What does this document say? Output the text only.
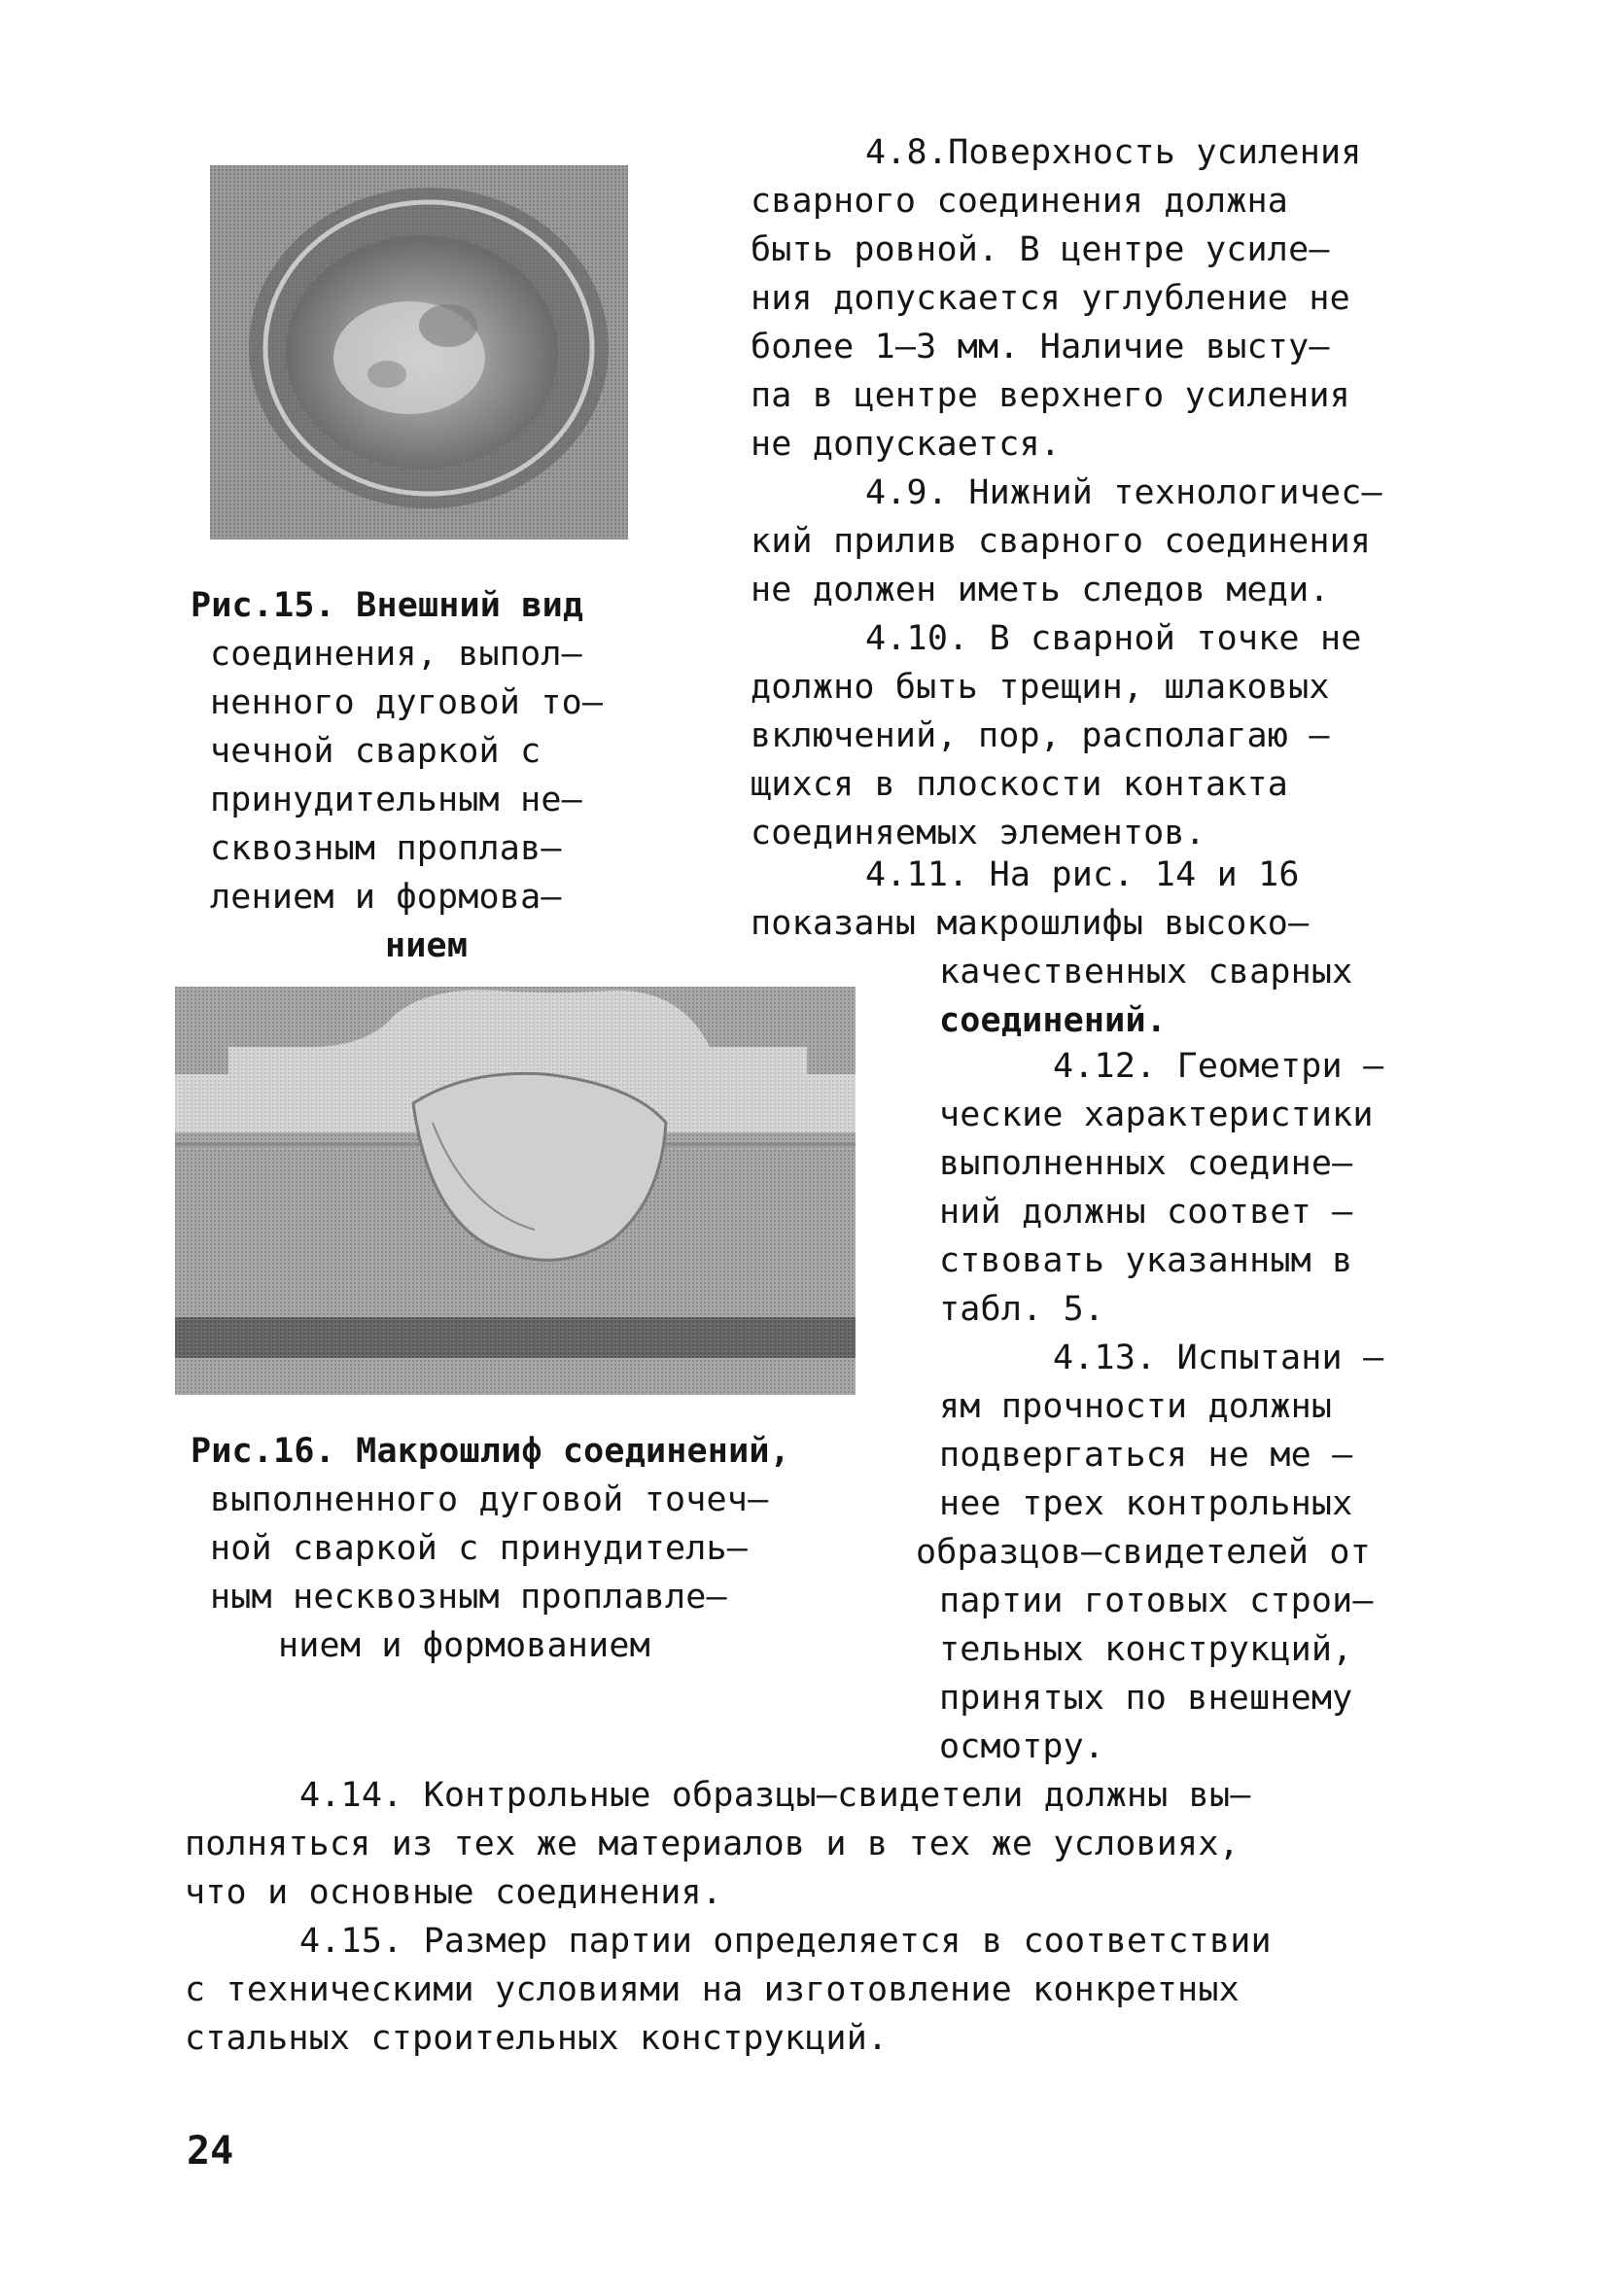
Рис.15. Внешний вид
соединения, выпол–
ненного дуговой то–
чечной сваркой с
принудительным не–
сквозным проплав–
лением и формова–
нием
Рис.16. Макрошлиф соединений,
выполненного дуговой точеч–
ной сваркой с принудитель–
ным несквозным проплавле–
нием и формованием
4.8.Поверхность усиления
сварного соединения должна
быть ровной. В центре усиле–
ния допускается углубление не
более 1–3 мм. Наличие высту–
па в центре верхнего усиления
не допускается.
4.9. Нижний технологичес–
кий прилив сварного соединения
не должен иметь следов меди.
4.10. В сварной точке не
должно быть трещин, шлаковых
включений, пор, располагаю –
щихся в плоскости контакта
соединяемых элементов.
4.11. На рис. 14 и 16
показаны макрошлифы высоко–
качественных сварных
соединений.
4.12. Геометри –
ческие характеристики
выполненных соедине–
ний должны соответ –
ствовать указанным в
табл. 5.
4.13. Испытани –
ям прочности должны
подвергаться не ме –
нее трех контрольных
образцов–свидетелей от
партии готовых строи–
тельных конструкций,
принятых по внешнему
осмотру.
4.14. Контрольные образцы–свидетели должны вы–
полняться из тех же материалов и в тех же условиях,
что и основные соединения.
4.15. Размер партии определяется в соответствии
с техническими условиями на изготовление конкретных
стальных строительных конструкций.
24
